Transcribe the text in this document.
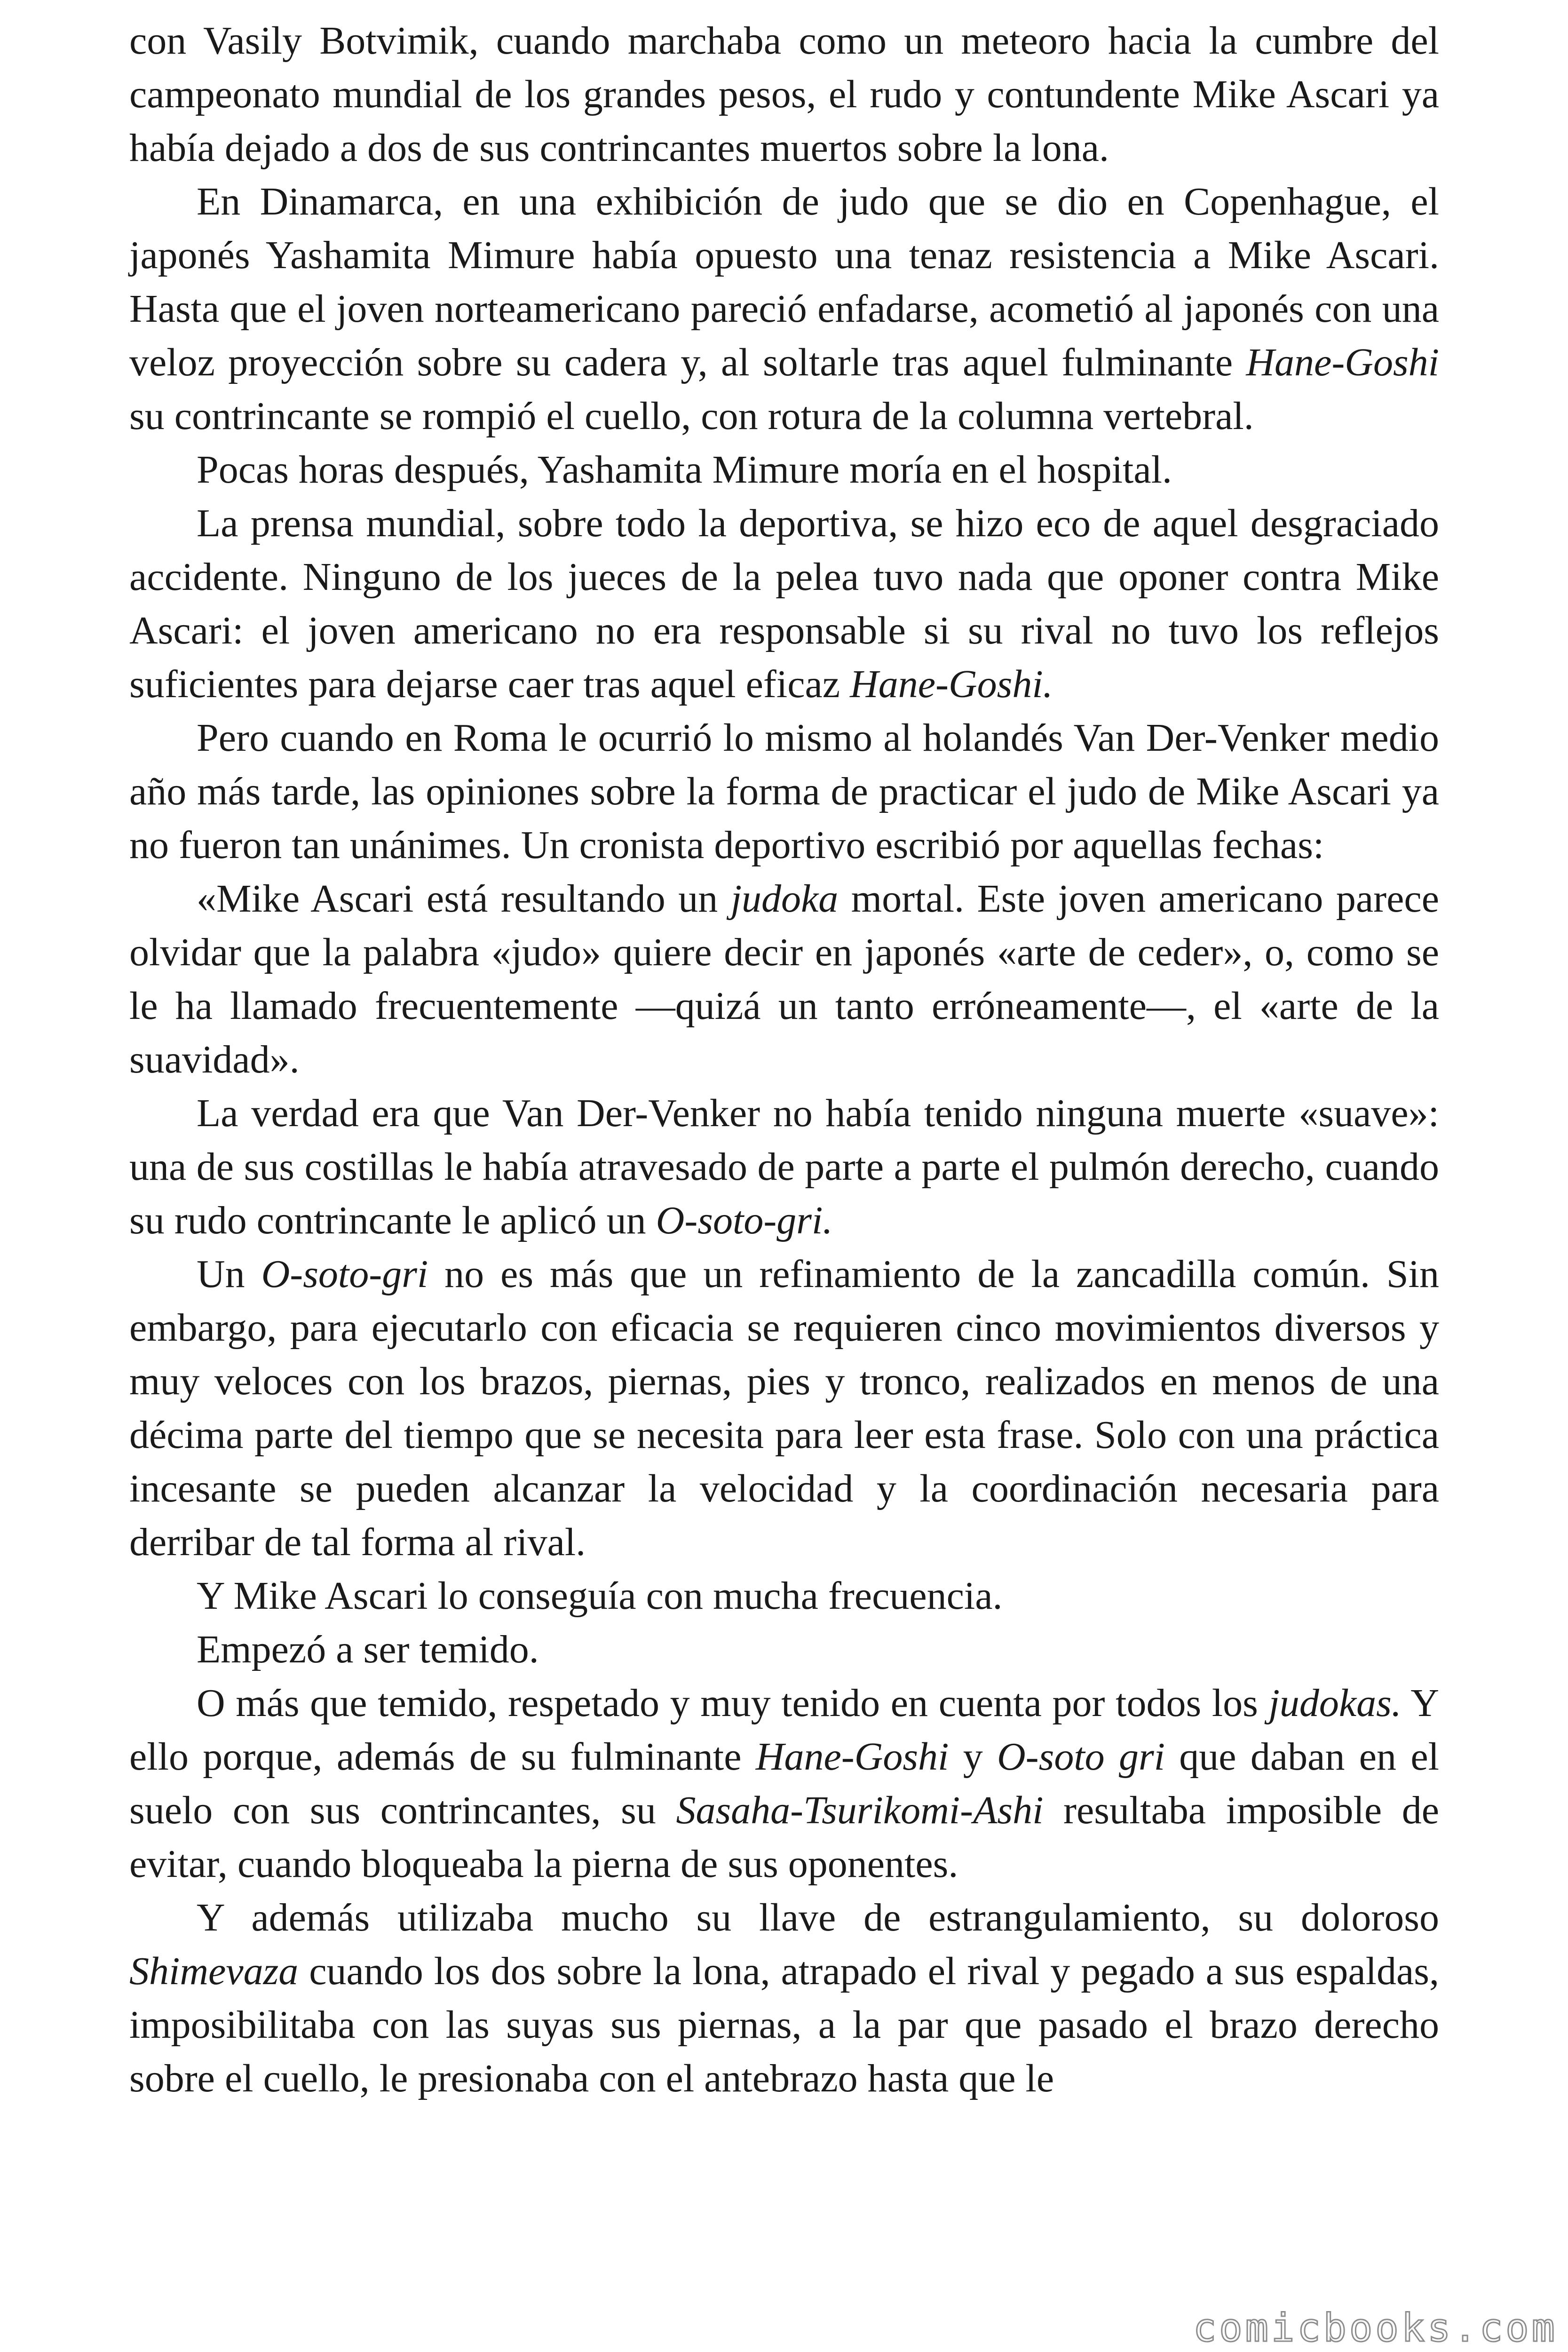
con Vasily Botvimik, cuando marchaba como un meteoro hacia la cumbre del campeonato mundial de los grandes pesos, el rudo y contundente Mike Ascari ya había dejado a dos de sus contrincantes muertos sobre la lona.

En Dinamarca, en una exhibición de judo que se dio en Copenhague, el japonés Yashamita Mimure había opuesto una tenaz resistencia a Mike Ascari. Hasta que el joven norteamericano pareció enfadarse, acometió al japonés con una veloz proyección sobre su cadera y, al soltarle tras aquel fulminante Hane-Goshi su contrincante se rompió el cuello, con rotura de la columna vertebral.

Pocas horas después, Yashamita Mimure moría en el hospital.

La prensa mundial, sobre todo la deportiva, se hizo eco de aquel desgraciado accidente. Ninguno de los jueces de la pelea tuvo nada que oponer contra Mike Ascari: el joven americano no era responsable si su rival no tuvo los reflejos suficientes para dejarse caer tras aquel eficaz Hane-Goshi.

Pero cuando en Roma le ocurrió lo mismo al holandés Van Der-Venker medio año más tarde, las opiniones sobre la forma de practicar el judo de Mike Ascari ya no fueron tan unánimes. Un cronista deportivo escribió por aquellas fechas:

«Mike Ascari está resultando un judoka mortal. Este joven americano parece olvidar que la palabra «judo» quiere decir en japonés «arte de ceder», o, como se le ha llamado frecuentemente —quizá un tanto erróneamente—, el «arte de la suavidad».

La verdad era que Van Der-Venker no había tenido ninguna muerte «suave»: una de sus costillas le había atravesado de parte a parte el pulmón derecho, cuando su rudo contrincante le aplicó un O-soto-gri.

Un O-soto-gri no es más que un refinamiento de la zancadilla común. Sin embargo, para ejecutarlo con eficacia se requieren cinco movimientos diversos y muy veloces con los brazos, piernas, pies y tronco, realizados en menos de una décima parte del tiempo que se necesita para leer esta frase. Solo con una práctica incesante se pueden alcanzar la velocidad y la coordinación necesaria para derribar de tal forma al rival.

Y Mike Ascari lo conseguía con mucha frecuencia.

Empezó a ser temido.

O más que temido, respetado y muy tenido en cuenta por todos los judokas. Y ello porque, además de su fulminante Hane-Goshi y O-soto gri que daban en el suelo con sus contrincantes, su Sasaha-Tsurikomi-Ashi resultaba imposible de evitar, cuando bloqueaba la pierna de sus oponentes.

Y además utilizaba mucho su llave de estrangulamiento, su doloroso Shimevaza cuando los dos sobre la lona, atrapado el rival y pegado a sus espaldas, imposibilitaba con las suyas sus piernas, a la par que pasado el brazo derecho sobre el cuello, le presionaba con el antebrazo hasta que le

comicbooks.com
